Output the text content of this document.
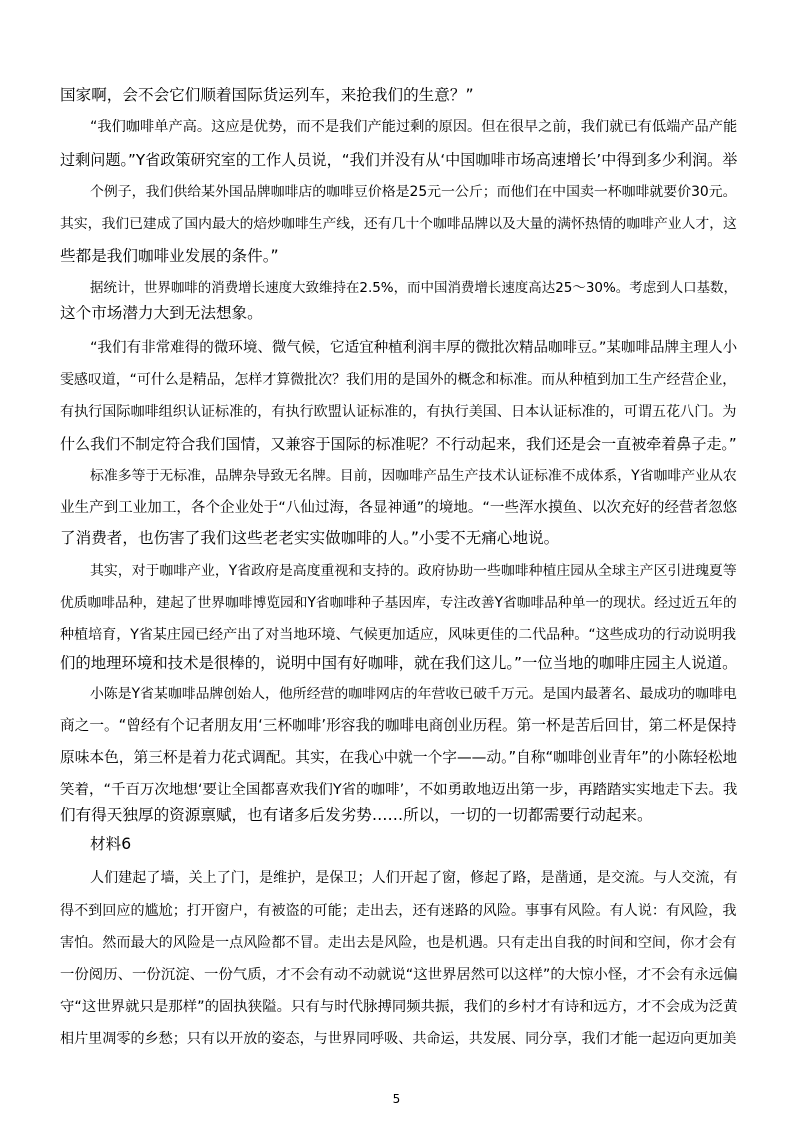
国家啊，会不会它们顺着国际货运列车，来抢我们的生意？”
“我们咖啡单产高。这应是优势，而不是我们产能过剩的原因。但在很早之前，我们就已有低端产品产能
过剩问题。”Y省政策研究室的工作人员说，“我们并没有从‘中国咖啡市场高速增长’中得到多少利润。举
个例子，我们供给某外国品牌咖啡店的咖啡豆价格是25元一公斤；而他们在中国卖一杯咖啡就要价30元。
其实，我们已建成了国内最大的焙炒咖啡生产线，还有几十个咖啡品牌以及大量的满怀热情的咖啡产业人才，这
些都是我们咖啡业发展的条件。”
据统计，世界咖啡的消费增长速度大致维持在2.5%，而中国消费增长速度高达25～30%。考虑到人口基数，
这个市场潜力大到无法想象。
“我们有非常难得的微环境、微气候，它适宜种植利润丰厚的微批次精品咖啡豆。”某咖啡品牌主理人小
雯感叹道，“可什么是精品，怎样才算微批次？我们用的是国外的概念和标准。而从种植到加工生产经营企业，
有执行国际咖啡组织认证标准的，有执行欧盟认证标准的，有执行美国、日本认证标准的，可谓五花八门。为
什么我们不制定符合我们国情，又兼容于国际的标准呢？不行动起来，我们还是会一直被牵着鼻子走。”
标准多等于无标准，品牌杂导致无名牌。目前，因咖啡产品生产技术认证标准不成体系，Y省咖啡产业从农
业生产到工业加工，各个企业处于“八仙过海，各显神通”的境地。“一些浑水摸鱼、以次充好的经营者忽悠
了消费者，也伤害了我们这些老老实实做咖啡的人。”小雯不无痛心地说。
其实，对于咖啡产业，Y省政府是高度重视和支持的。政府协助一些咖啡种植庄园从全球主产区引进瑰夏等
优质咖啡品种，建起了世界咖啡博览园和Y省咖啡种子基因库，专注改善Y省咖啡品种单一的现状。经过近五年的
种植培育，Y省某庄园已经产出了对当地环境、气候更加适应，风味更佳的二代品种。“这些成功的行动说明我
们的地理环境和技术是很棒的，说明中国有好咖啡，就在我们这儿。”一位当地的咖啡庄园主人说道。
小陈是Y省某咖啡品牌创始人，他所经营的咖啡网店的年营收已破千万元。是国内最著名、最成功的咖啡电
商之一。“曾经有个记者朋友用‘三杯咖啡’形容我的咖啡电商创业历程。第一杯是苦后回甘，第二杯是保持
原味本色，第三杯是着力花式调配。其实，在我心中就一个字——动。”自称“咖啡创业青年”的小陈轻松地
笑着，“千百万次地想‘要让全国都喜欢我们Y省的咖啡’，不如勇敢地迈出第一步，再踏踏实实地走下去。我
们有得天独厚的资源禀赋，也有诸多后发劣势……所以，一切的一切都需要行动起来。
材料6
人们建起了墙，关上了门，是维护，是保卫；人们开起了窗，修起了路，是凿通，是交流。与人交流，有
得不到回应的尴尬；打开窗户，有被盗的可能；走出去，还有迷路的风险。事事有风险。有人说：有风险，我
害怕。然而最大的风险是一点风险都不冒。走出去是风险，也是机遇。只有走出自我的时间和空间，你才会有
一份阅历、一份沉淀、一份气质，才不会有动不动就说“这世界居然可以这样”的大惊小怪，才不会有永远偏
守“这世界就只是那样”的固执狭隘。只有与时代脉搏同频共振，我们的乡村才有诗和远方，才不会成为泛黄
相片里凋零的乡愁；只有以开放的姿态，与世界同呼吸、共命运，共发展、同分享，我们才能一起迈向更加美
5
